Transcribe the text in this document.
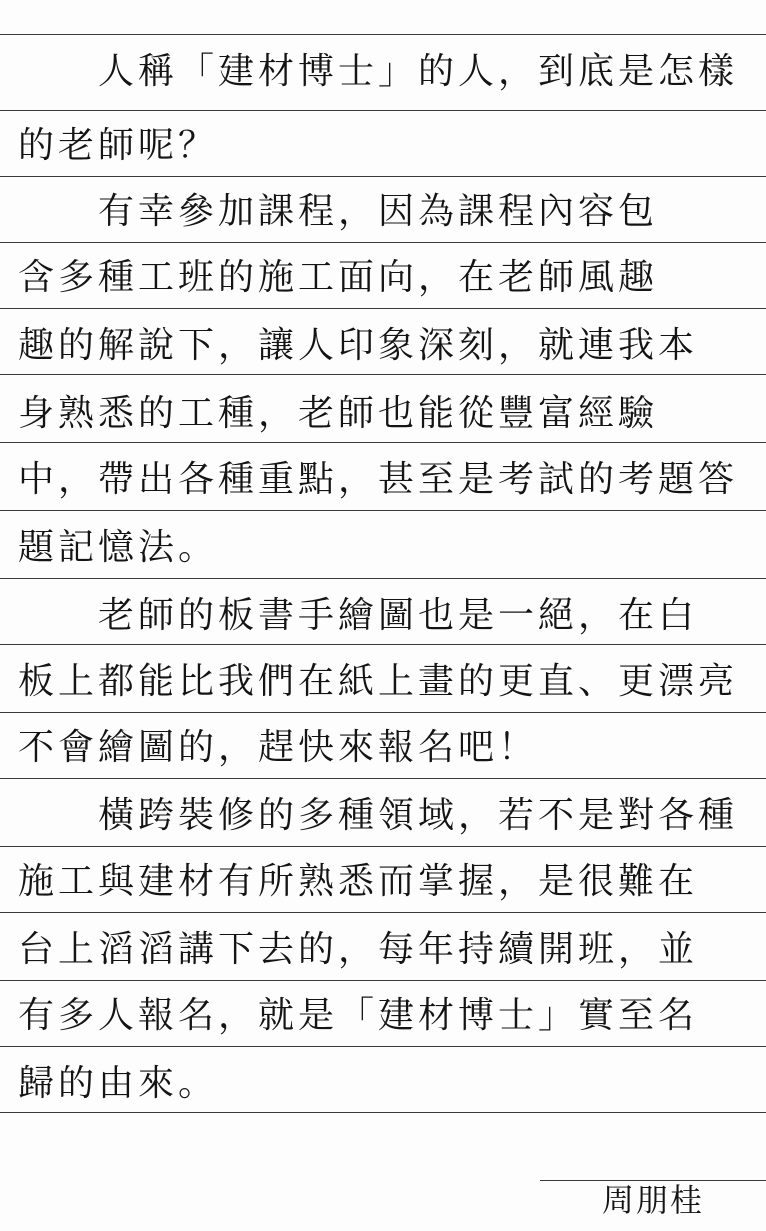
人稱「建材博士」的人，到底是怎樣
的老師呢？
有幸參加課程，因為課程內容包
含多種工班的施工面向，在老師風趣
趣的解說下，讓人印象深刻，就連我本
身熟悉的工種，老師也能從豐富經驗
中，帶出各種重點，甚至是考試的考題答
題記憶法。
老師的板書手繪圖也是一絕，在白
板上都能比我們在紙上畫的更直、更漂亮
不會繪圖的，趕快來報名吧！
橫跨裝修的多種領域，若不是對各種
施工與建材有所熟悉而掌握，是很難在
台上滔滔講下去的，每年持續開班，並
有多人報名，就是「建材博士」實至名
歸的由來。
周朋桂
